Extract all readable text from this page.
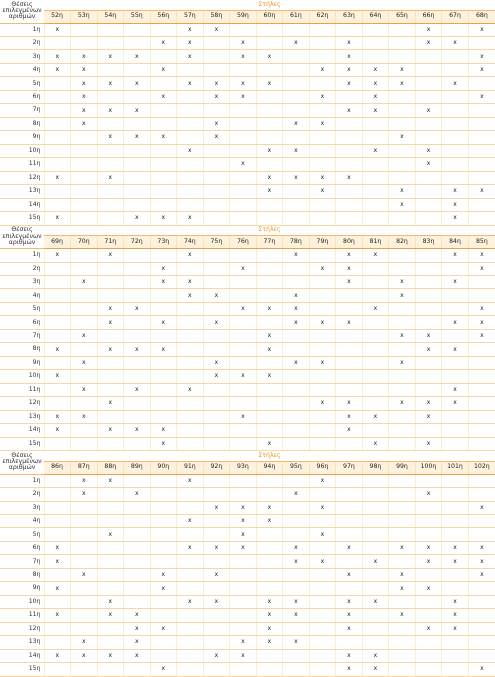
Θέσεις επιλεγμένων αριθμών	Στήλες																
	52η	53η	54η	55η	56η	57η	58η	59η	60η	61η	62η	63η	64η	65η	66η	67η	68η
1η	x					x	x								x		x
2η					x	x		x		x		x			x	x	
3η	x	x	x	x		x		x	x			x					x
4η	x	x			x						x	x	x	x			x
5η		x	x	x		x	x	x	x			x	x	x		x	
6η		x			x		x	x			x		x				x
7η		x	x	x								x	x		x		
8η		x					x			x	x						
9η			x	x	x		x							x			
10η						x			x	x			x		x		
11η								x							x		
12η	x		x						x	x	x	x					
13η									x		x			x		x	x
14η														x		x	
15η	x			x	x	x										x	
Θέσεις επιλεγμένων αριθμών	Στήλες																
	69η	70η	71η	72η	73η	74η	75η	76η	77η	78η	79η	80η	81η	82η	83η	84η	85η
1η	x		x			x				x		x	x			x	x
2η					x			x			x	x					x
3η		x			x	x						x		x		x	
4η						x	x			x				x			
5η			x	x				x	x	x			x				x
6η			x		x		x			x	x	x				x	x
7η		x							x					x	x		x
8η	x		x	x	x				x						x	x	
9η		x					x			x	x			x			
10η	x						x	x	x								
11η		x		x		x										x	
12η			x								x	x		x	x	x	
13η	x	x						x				x	x		x		
14η	x		x	x	x							x					
15η					x				x				x		x		
Θέσεις επιλεγμένων αριθμών	Στήλες																
	86η	87η	88η	89η	90η	91η	92η	93η	94η	95η	96η	97η	98η	99η	100η	101η	102η
1η		x	x			x					x						
2η		x		x						x					x		
3η							x	x	x		x						x
4η						x		x	x								
5η			x					x			x						
6η	x					x	x	x		x		x		x	x	x	x
7η	x									x	x		x		x	x	x
8η		x			x		x					x		x			x
9η	x				x									x	x		
10η			x			x	x		x	x		x	x			x	
11η	x		x	x					x	x		x		x		x	
12η				x	x				x			x			x	x	
13η		x		x				x	x	x							
14η	x	x	x	x			x	x				x	x				
15η					x							x	x				x
